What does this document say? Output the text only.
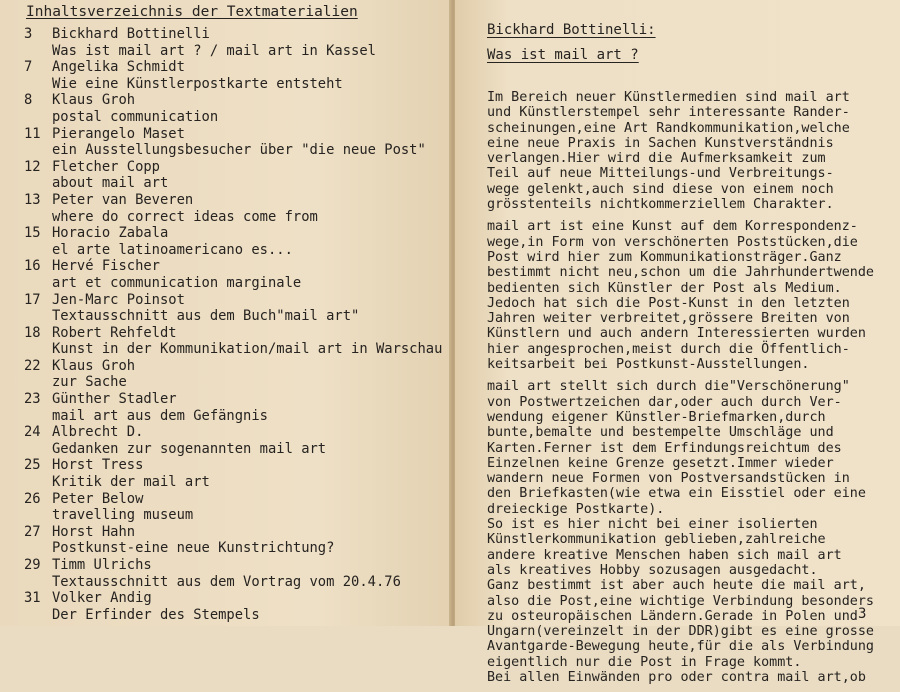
Inhaltsverzeichnis der Textmaterialien
3	Bickhard Bottinelli
Was ist mail art ? / mail art in Kassel
7	Angelika Schmidt
Wie eine Künstlerpostkarte entsteht
8	Klaus Groh
postal communication
11 Pierangelo Maset
ein Ausstellungsbesucher über "die neue Post"
12 Fletcher Copp
about mail art
13 Peter van Beveren
where do correct ideas come from
15 Horacio Zabala
el arte latinoamericano es...
16 Hervé Fischer
art et communication marginale
17 Jen-Marc Poinsot
Textausschnitt aus dem Buch"mail art"
18 Robert Rehfeldt
Kunst in der Kommunikation/mail art in Warschau
22 Klaus Groh
zur Sache
23 Günther Stadler
mail art aus dem Gefängnis
24 Albrecht D.
Gedanken zur sogenannten mail art
25 Horst Tress
Kritik der mail art
26 Peter Below
travelling museum
27 Horst Hahn
Postkunst-eine neue Kunstrichtung?
29 Timm Ulrichs
Textausschnitt aus dem Vortrag vom 20.4.76
31 Volker Andig
Der Erfinder des Stempels
Bickhard Bottinelli:
Was ist mail art ?

Im Bereich neuer Künstlermedien sind mail art
und Künstlerstempel sehr interessante Rander-
scheinungen,eine Art Randkommunikation,welche
eine neue Praxis in Sachen Kunstverständnis
verlangen.Hier wird die Aufmerksamkeit zum
Teil auf neue Mitteilungs-und Verbreitungs-
wege gelenkt,auch sind diese von einem noch
grösstenteils nichtkommerziellem Charakter.

mail art ist eine Kunst auf dem Korrespondenz-
wege,in Form von verschönerten Poststücken,die
Post wird hier zum Kommunikationsträger.Ganz
bestimmt nicht neu,schon um die Jahrhundertwende
bedienten sich Künstler der Post als Medium.
Jedoch hat sich die Post-Kunst in den letzten
Jahren weiter verbreitet,grössere Breiten von
Künstlern und auch andern Interessierten wurden
hier angesprochen,meist durch die Öffentlich-
keitsarbeit bei Postkunst-Ausstellungen.

mail art stellt sich durch die"Verschönerung"
von Postwertzeichen dar,oder auch durch Ver-
wendung eigener Künstler-Briefmarken,durch
bunte,bemalte und bestempelte Umschläge und
Karten.Ferner ist dem Erfindungsreichtum des
Einzelnen keine Grenze gesetzt.Immer wieder
wandern neue Formen von Postversandstücken in
den Briefkasten(wie etwa ein Eisstiel oder eine
dreieckige Postkarte).
So ist es hier nicht bei einer isolierten
Künstlerkommunikation geblieben,zahlreiche
andere kreative Menschen haben sich mail art
als kreatives Hobby sozusagen ausgedacht.
Ganz bestimmt ist aber auch heute die mail art,
also die Post,eine wichtige Verbindung besonders
zu osteuropäischen Ländern.Gerade in Polen und
Ungarn(vereinzelt in der DDR)gibt es eine grosse
Avantgarde-Bewegung heute,für die als Verbindung
eigentlich nur die Post in Frage kommt.
Bei allen Einwänden pro oder contra mail art,ob

3
